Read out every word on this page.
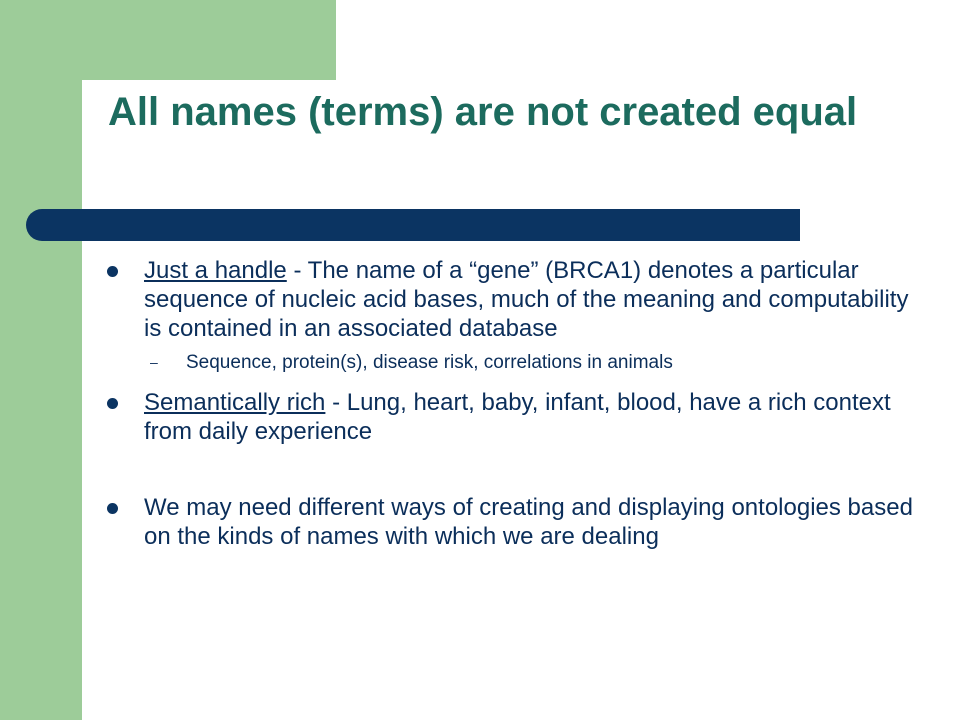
All names (terms) are not created equal
Just a handle - The name of a “gene” (BRCA1) denotes a particular sequence of nucleic acid bases, much of the meaning and computability is contained in an associated database
– Sequence, protein(s), disease risk, correlations in animals
Semantically rich - Lung, heart, baby, infant, blood, have a rich context from daily experience
We may need different ways of creating and displaying ontologies based on the kinds of names with which we are dealing
